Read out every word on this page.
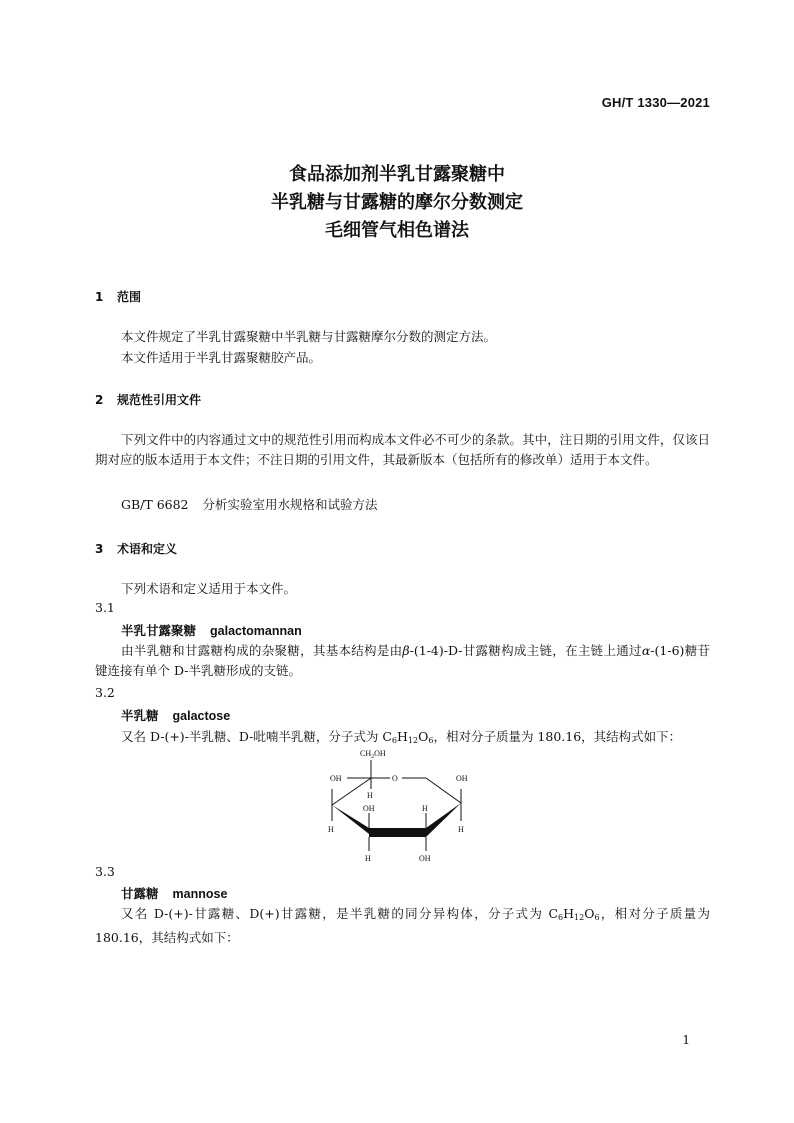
GH/T 1330—2021
食品添加剂半乳甘露聚糖中
半乳糖与甘露糖的摩尔分数测定
毛细管气相色谱法
1 范围
本文件规定了半乳甘露聚糖中半乳糖与甘露糖摩尔分数的测定方法。
本文件适用于半乳甘露聚糖胶产品。
2 规范性引用文件
下列文件中的内容通过文中的规范性引用而构成本文件必不可少的条款。其中，注日期的引用文件，仅该日期对应的版本适用于本文件；不注日期的引用文件，其最新版本（包括所有的修改单）适用于本文件。
GB/T 6682 分析实验室用水规格和试验方法
3 术语和定义
下列术语和定义适用于本文件。
3.1
半乳甘露聚糖 galactomannan
由半乳糖和甘露糖构成的杂聚糖，其基本结构是由β-(1-4)-D-甘露糖构成主链，在主链上通过α-(1-6)糖苷键连接有单个 D-半乳糖形成的支链。
3.2
半乳糖 galactose
又名 D-(+)-半乳糖、D-吡喃半乳糖，分子式为 $C_6H_{12}O_6$，相对分子质量为 180.16，其结构式如下：
$CH_2OH$
O
H
OH
H
OH
H
OH
H
H
OH
3.3
甘露糖 mannose
又名 D-(+)-甘露糖、D(+)甘露糖，是半乳糖的同分异构体，分子式为 $C_6H_{12}O_6$，相对分子质量为 180.16，其结构式如下：
1
